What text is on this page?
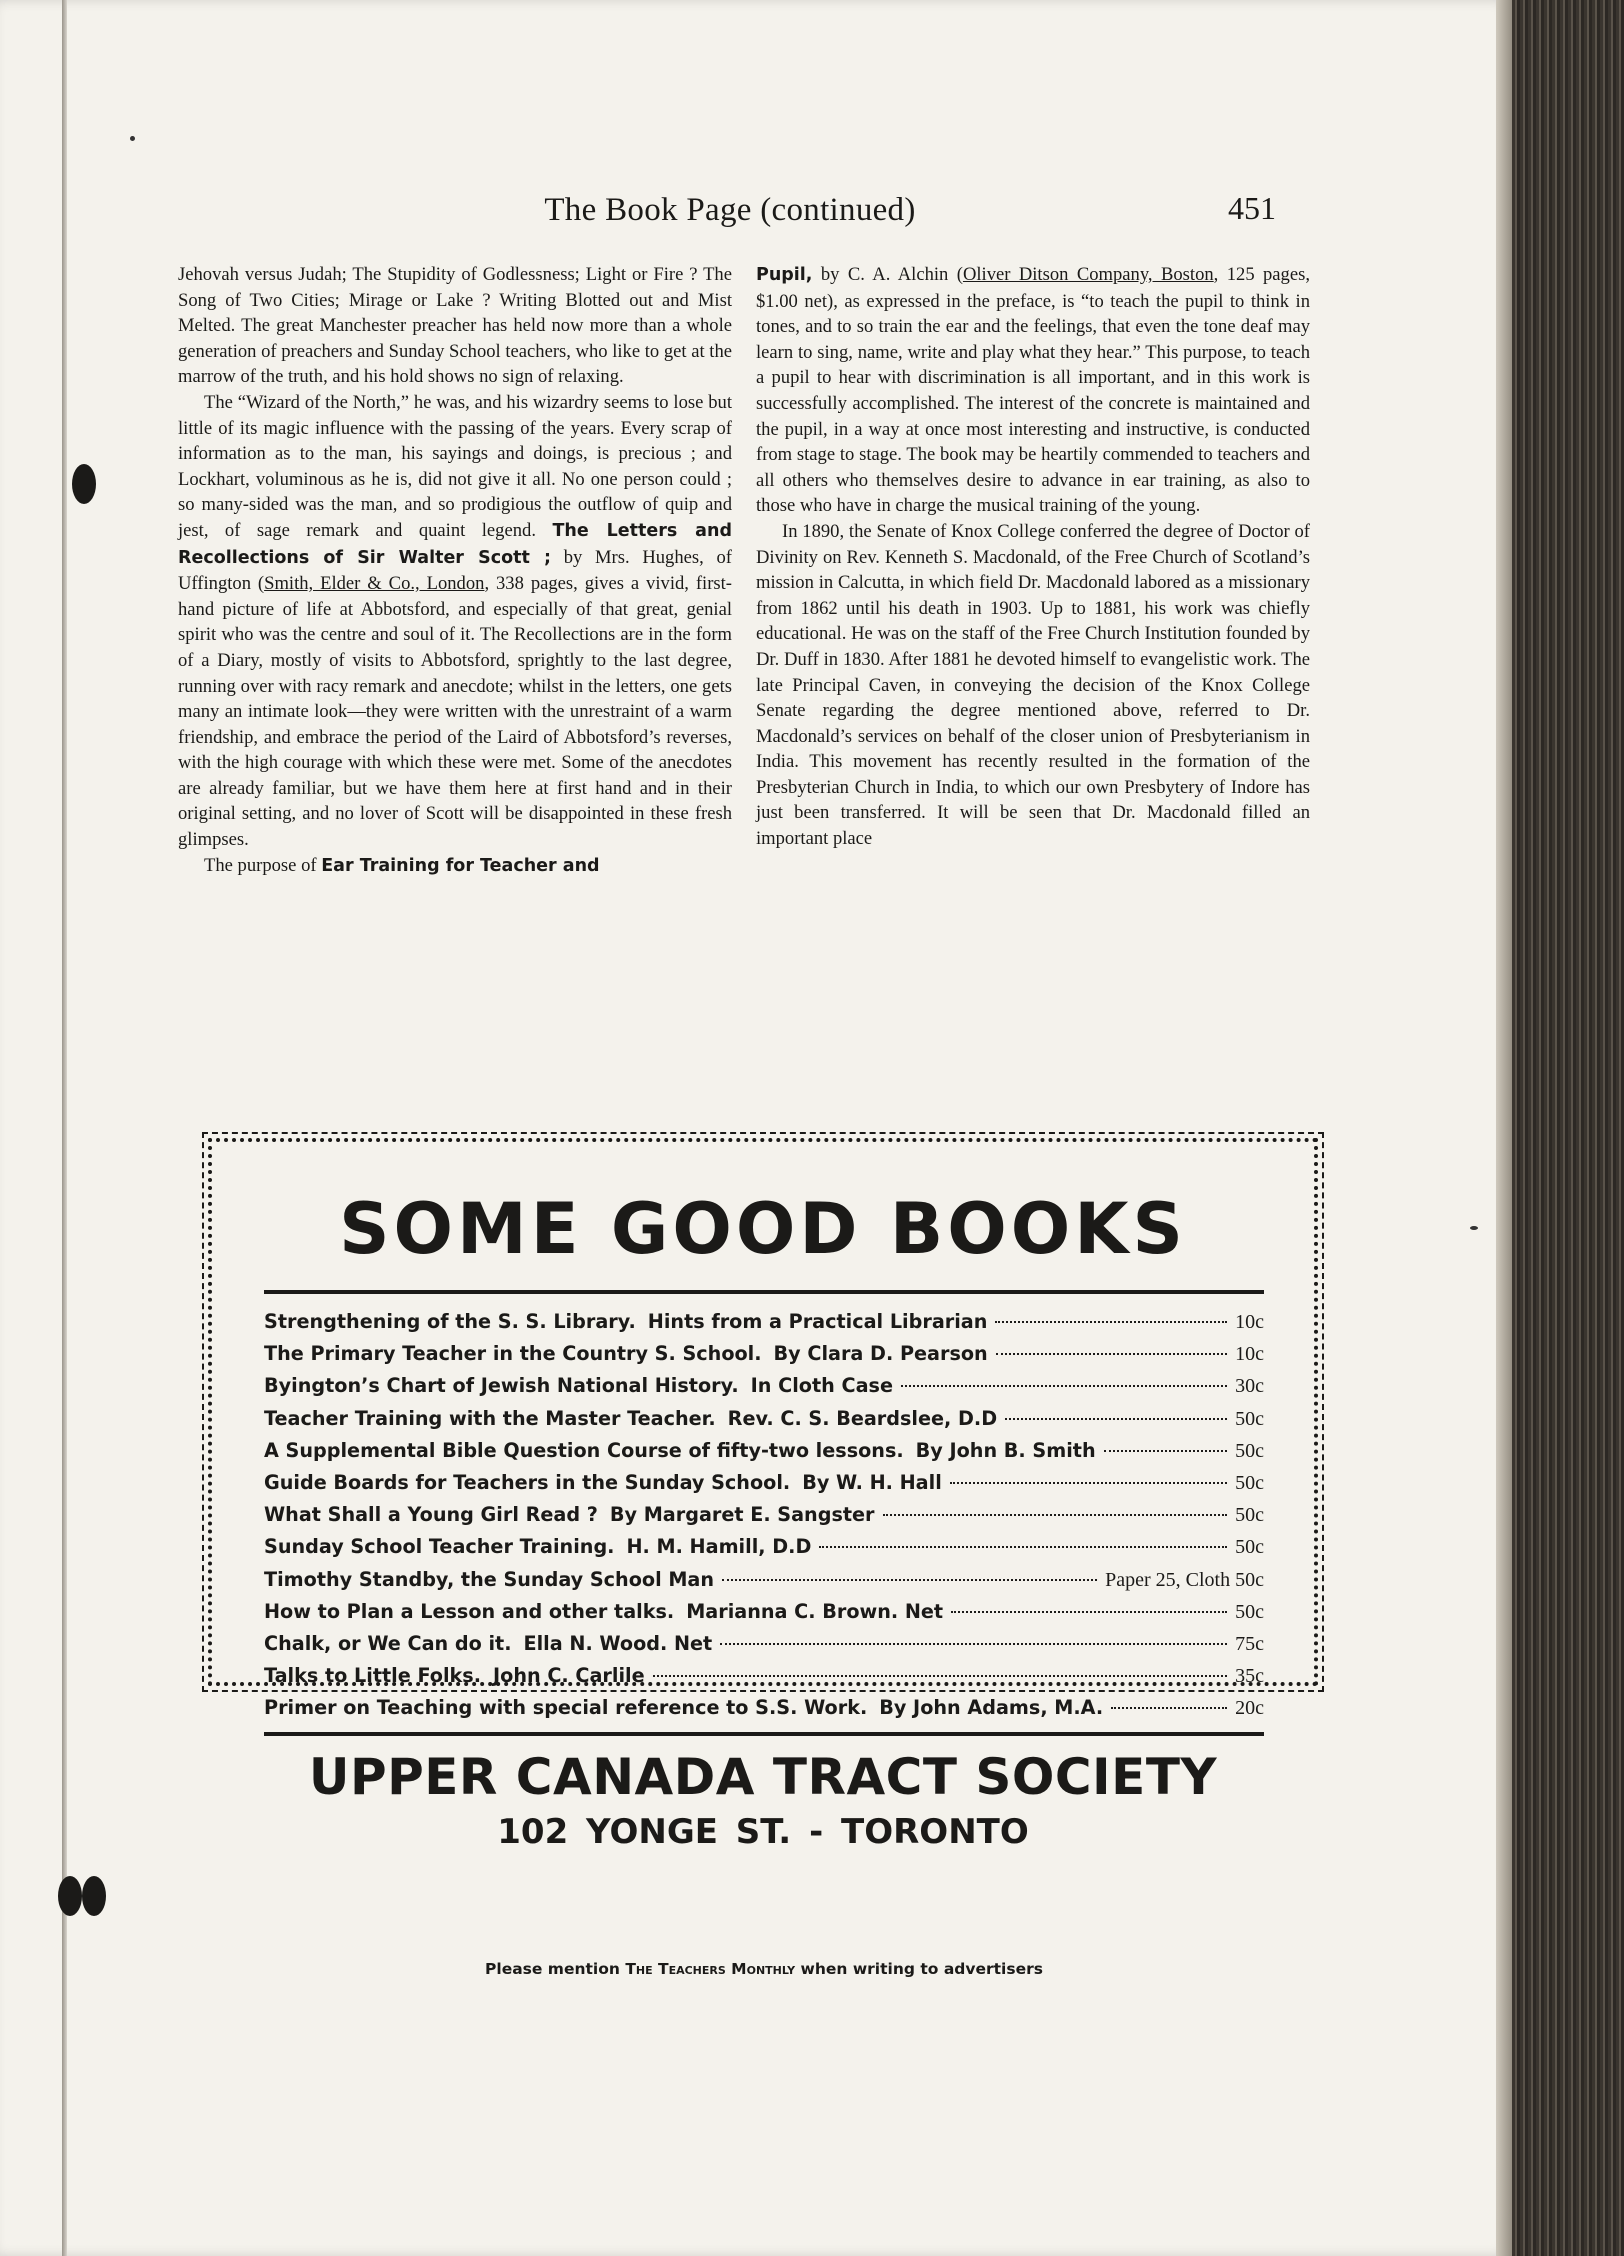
The Book Page (continued)	451

Jehovah versus Judah; The Stupidity of Godlessness; Light or Fire ? The Song of Two Cities; Mirage or Lake ? Writing Blotted out and Mist Melted. The great Manchester preacher has held now more than a whole generation of preachers and Sunday School teachers, who like to get at the marrow of the truth, and his hold shows no sign of relaxing.

The “Wizard of the North,” he was, and his wizardry seems to lose but little of its magic influence with the passing of the years. Every scrap of information as to the man, his sayings and doings, is precious ; and Lockhart, voluminous as he is, did not give it all. No one person could ; so many-sided was the man, and so prodigious the outflow of quip and jest, of sage remark and quaint legend. The Letters and Recollections of Sir Walter Scott ; by Mrs. Hughes, of Uffington (Smith, Elder & Co., London, 338 pages, gives a vivid, first-hand picture of life at Abbotsford, and especially of that great, genial spirit who was the centre and soul of it. The Recollections are in the form of a Diary, mostly of visits to Abbotsford, sprightly to the last degree, running over with racy remark and anecdote; whilst in the letters, one gets many an intimate look—they were written with the unrestraint of a warm friendship, and embrace the period of the Laird of Abbotsford’s reverses, with the high courage with which these were met. Some of the anecdotes are already familiar, but we have them here at first hand and in their original setting, and no lover of Scott will be disappointed in these fresh glimpses.

The purpose of Ear Training for Teacher and

Pupil, by C. A. Alchin (Oliver Ditson Company, Boston, 125 pages, $1.00 net), as expressed in the preface, is “to teach the pupil to think in tones, and to so train the ear and the feelings, that even the tone deaf may learn to sing, name, write and play what they hear.” This purpose, to teach a pupil to hear with discrimination is all important, and in this work is successfully accomplished. The interest of the concrete is maintained and the pupil, in a way at once most interesting and instructive, is conducted from stage to stage. The book may be heartily commended to teachers and all others who themselves desire to advance in ear training, as also to those who have in charge the musical training of the young.

In 1890, the Senate of Knox College conferred the degree of Doctor of Divinity on Rev. Kenneth S. Macdonald, of the Free Church of Scotland’s mission in Calcutta, in which field Dr. Macdonald labored as a missionary from 1862 until his death in 1903. Up to 1881, his work was chiefly educational. He was on the staff of the Free Church Institution founded by Dr. Duff in 1830. After 1881 he devoted himself to evangelistic work. The late Principal Caven, in conveying the decision of the Knox College Senate regarding the degree mentioned above, referred to Dr. Macdonald’s services on behalf of the closer union of Presbyterianism in India. This movement has recently resulted in the formation of the Presbyterian Church in India, to which our own Presbytery of Indore has just been transferred. It will be seen that Dr. Macdonald filled an important place

SOME GOOD BOOKS
Strengthening of the S. S. Library. Hints from a Practical Librarian	10c
The Primary Teacher in the Country S. School. By Clara D. Pearson	10c
Byington’s Chart of Jewish National History. In Cloth Case	30c
Teacher Training with the Master Teacher. Rev. C. S. Beardslee, D.D	50c
A Supplemental Bible Question Course of fifty-two lessons. By John B. Smith	50c
Guide Boards for Teachers in the Sunday School. By W. H. Hall	50c
What Shall a Young Girl Read ? By Margaret E. Sangster	50c
Sunday School Teacher Training. H. M. Hamill, D.D	50c
Timothy Standby, the Sunday School Man	Paper 25, Cloth 50c
How to Plan a Lesson and other talks. Marianna C. Brown. Net	50c
Chalk, or We Can do it. Ella N. Wood. Net	75c
Talks to Little Folks. John C. Carlile	35c
Primer on Teaching with special reference to S.S. Work. By John Adams, M.A.	20c
UPPER CANADA TRACT SOCIETY
102 YONGE ST. - TORONTO
Please mention The Teachers Monthly when writing to advertisers
